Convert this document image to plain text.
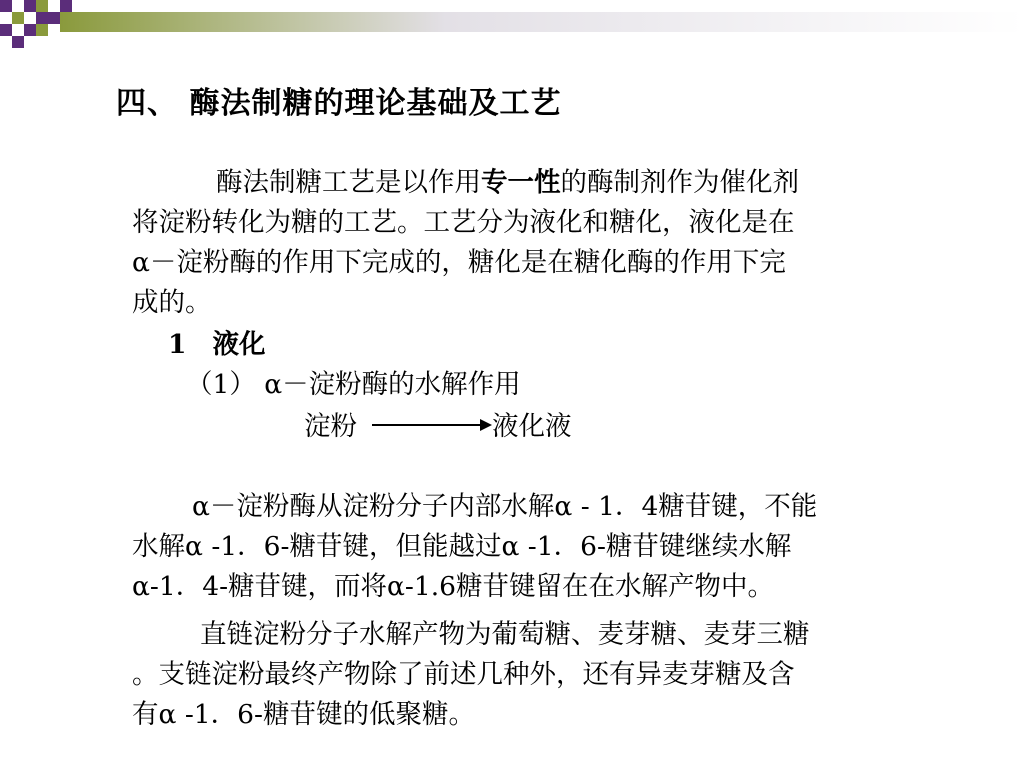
四、 酶法制糖的理论基础及工艺
酶法制糖工艺是以作用专一性的酶制剂作为催化剂
将淀粉转化为糖的工艺。工艺分为液化和糖化，液化是在
α－淀粉酶的作用下完成的，糖化是在糖化酶的作用下完
成的。
1 液化
（1） α－淀粉酶的水解作用
淀粉	液化液
α－淀粉酶从淀粉分子内部水解α - 1．4糖苷键，不能
水解α -1．6-糖苷键，但能越过α -1．6-糖苷键继续水解
α-1．4-糖苷键，而将α-1.6糖苷键留在在水解产物中。
直链淀粉分子水解产物为葡萄糖、麦芽糖、麦芽三糖
。支链淀粉最终产物除了前述几种外，还有异麦芽糖及含
有α -1．6-糖苷键的低聚糖。
